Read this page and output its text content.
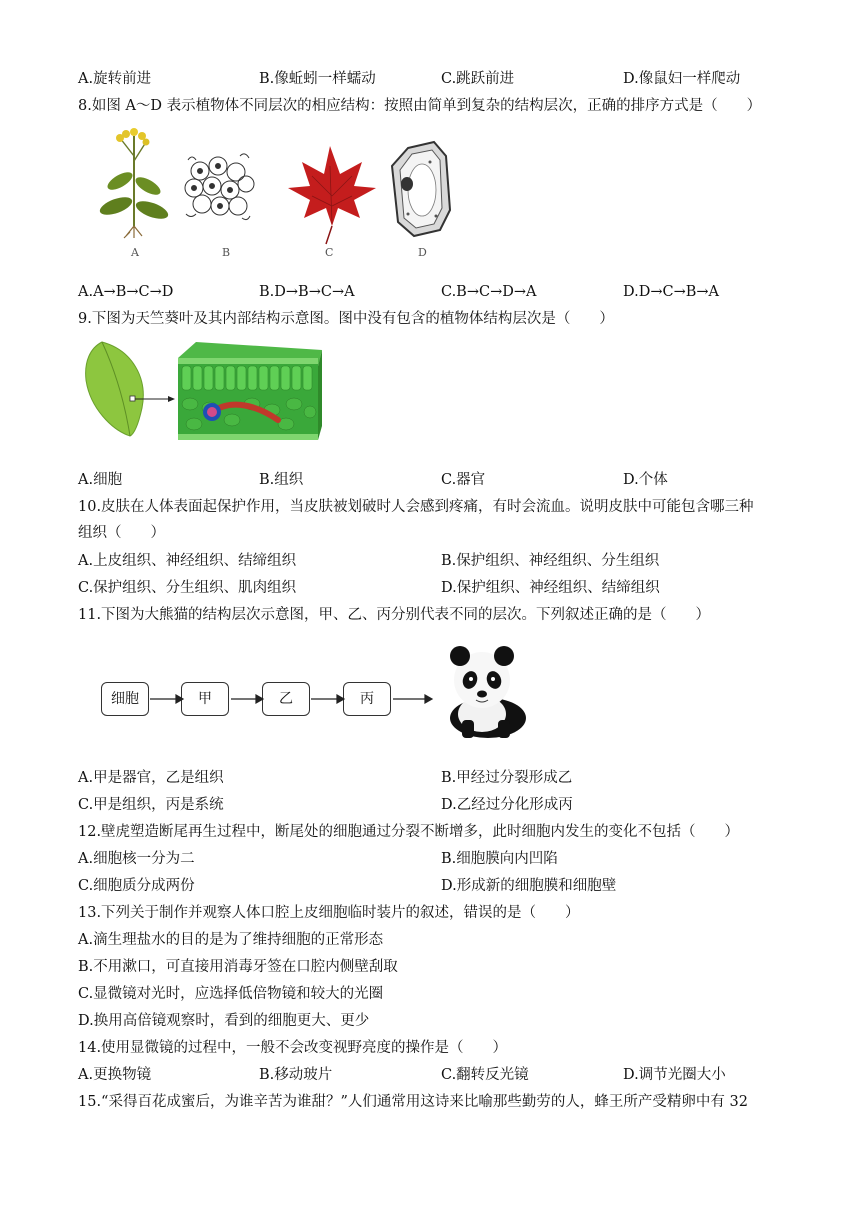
A.旋转前进	B.像蚯蚓一样蠕动	C.跳跃前进	D.像鼠妇一样爬动
8.如图 A～D 表示植物体不同层次的相应结构：按照由简单到复杂的结构层次，正确的排序方式是（　　）
A	B	C	D
A.A→B→C→D	B.D→B→C→A	C.B→C→D→A	D.D→C→B→A
9.下图为天竺葵叶及其内部结构示意图。图中没有包含的植物体结构层次是（　　）
A.细胞	B.组织	C.器官	D.个体
10.皮肤在人体表面起保护作用，当皮肤被划破时人会感到疼痛，有时会流血。说明皮肤中可能包含哪三种
组织（　　）
A.上皮组织、神经组织、结缔组织	B.保护组织、神经组织、分生组织
C.保护组织、分生组织、肌肉组织	D.保护组织、神经组织、结缔组织
11.下图为大熊猫的结构层次示意图，甲、乙、丙分别代表不同的层次。下列叙述正确的是（　　）
细胞	甲	乙	丙
A.甲是器官，乙是组织	B.甲经过分裂形成乙
C.甲是组织，丙是系统	D.乙经过分化形成丙
12.壁虎塑造断尾再生过程中，断尾处的细胞通过分裂不断增多，此时细胞内发生的变化不包括（　　）
A.细胞核一分为二	B.细胞膜向内凹陷
C.细胞质分成两份	D.形成新的细胞膜和细胞壁
13.下列关于制作并观察人体口腔上皮细胞临时装片的叙述，错误的是（　　）
A.滴生理盐水的目的是为了维持细胞的正常形态
B.不用漱口，可直接用消毒牙签在口腔内侧壁刮取
C.显微镜对光时，应选择低倍物镜和较大的光圈
D.换用高倍镜观察时，看到的细胞更大、更少
14.使用显微镜的过程中，一般不会改变视野亮度的操作是（　　）
A.更换物镜	B.移动玻片	C.翻转反光镜	D.调节光圈大小
15.“采得百花成蜜后，为谁辛苦为谁甜？”人们通常用这诗来比喻那些勤劳的人，蜂王所产受精卵中有 32
